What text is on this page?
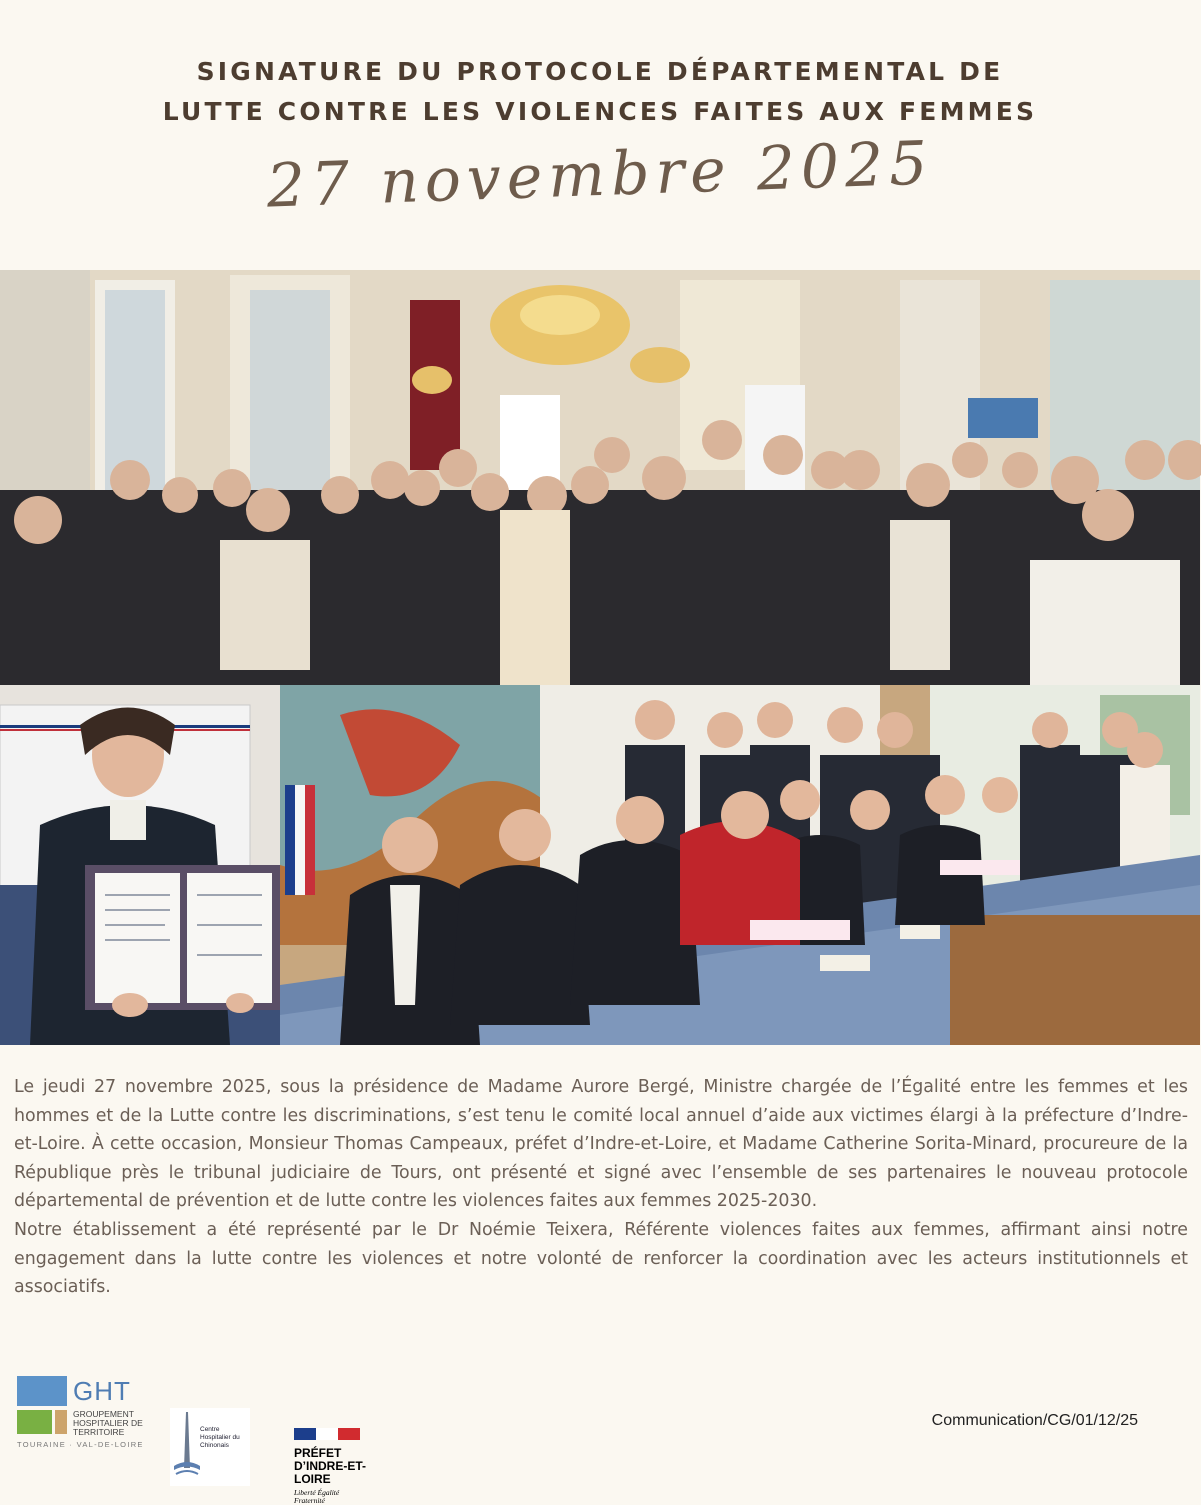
SIGNATURE DU PROTOCOLE DÉPARTEMENTAL DE
LUTTE CONTRE LES VIOLENCES FAITES AUX FEMMES
27 novembre 2025

Le jeudi 27 novembre 2025, sous la présidence de Madame Aurore Bergé, Ministre chargée de l’Égalité entre les femmes et les hommes et de la Lutte contre les discriminations, s’est tenu le comité local annuel d’aide aux victimes élargi à la préfecture d’Indre-et-Loire. À cette occasion, Monsieur Thomas Campeaux, préfet d’Indre-et-Loire, et Madame Catherine Sorita-Minard, procureure de la République près le tribunal judiciaire de Tours, ont présenté et signé avec l’ensemble de ses partenaires le nouveau protocole départemental de prévention et de lutte contre les violences faites aux femmes 2025-2030.

Notre établissement a été représenté par le Dr Noémie Teixera, Référente violences faites aux femmes, affirmant ainsi notre engagement dans la lutte contre les violences et notre volonté de renforcer la coordination avec les acteurs institutionnels et associatifs.

GHT
GROUPEMENT HOSPITALIER DE TERRITOIRE
TOURAINE · VAL-DE-LOIRE
Centre Hospitalier du Chinonais
PRÉFET D’INDRE-ET-LOIRE
Liberté Égalité Fraternité
Communication/CG/01/12/25
